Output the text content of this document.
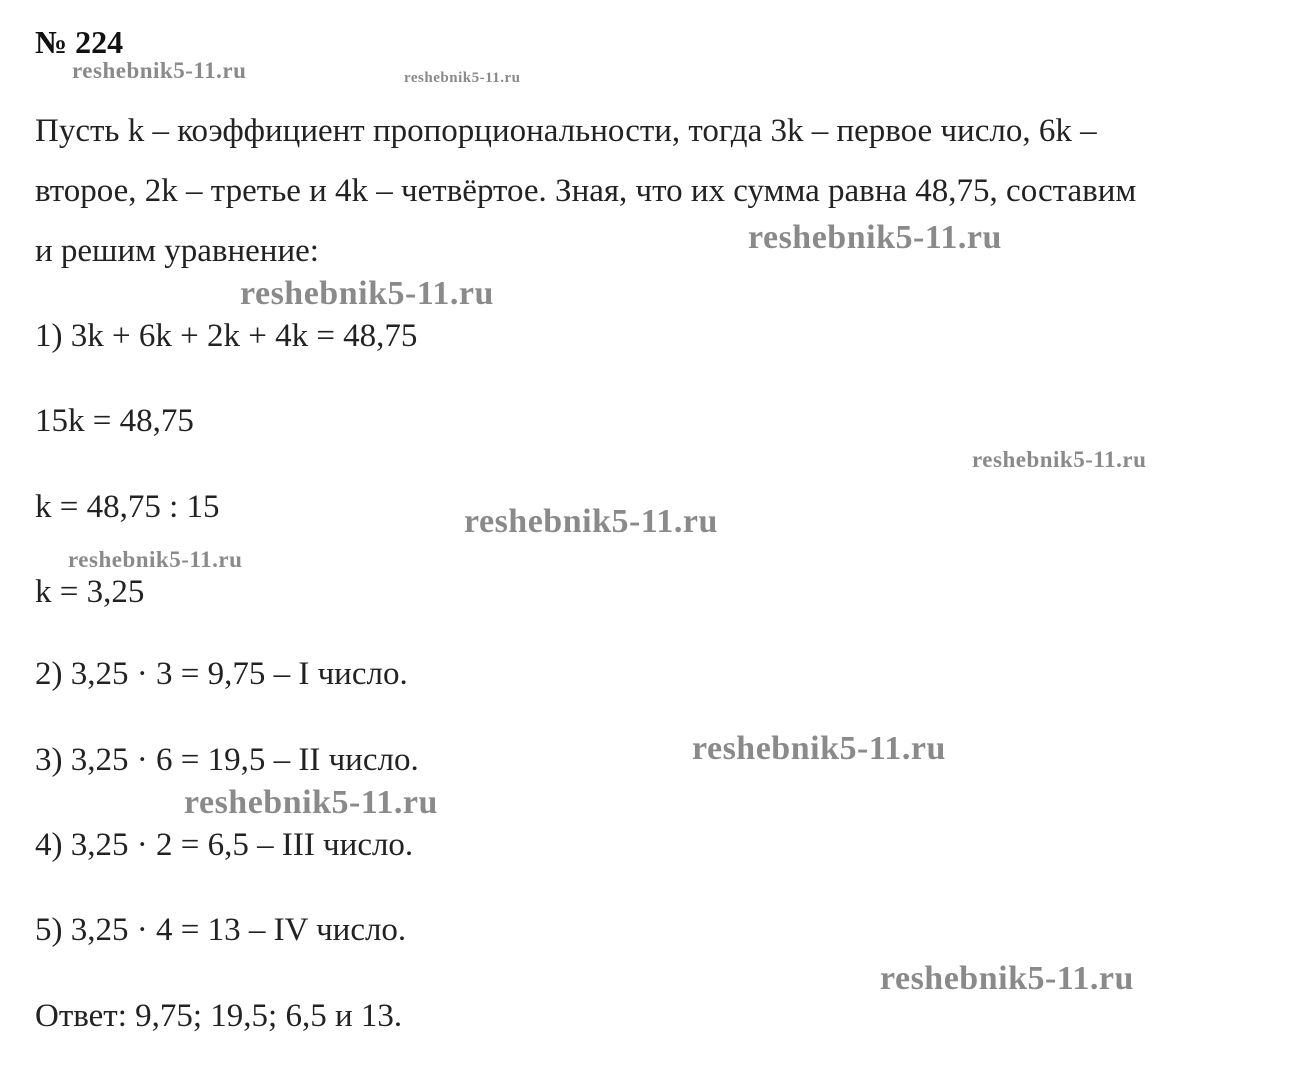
№ 224
Пусть k – коэффициент пропорциональности, тогда 3k – первое число, 6k –
второе, 2k – третье и 4k – четвёртое. Зная, что их сумма равна 48,75, составим
и решим уравнение:
1) 3k + 6k + 2k + 4k = 48,75
15k = 48,75
k = 48,75 : 15
k = 3,25
2) 3,25 · 3 = 9,75 – I число.
3) 3,25 · 6 = 19,5 – II число.
4) 3,25 · 2 = 6,5 – III число.
5) 3,25 · 4 = 13 – IV число.
Ответ: 9,75; 19,5; 6,5 и 13.
reshebnik5-11.ru	reshebnik5-11.ru
reshebnik5-11.ru
reshebnik5-11.ru
reshebnik5-11.ru
reshebnik5-11.ru
reshebnik5-11.ru
reshebnik5-11.ru
reshebnik5-11.ru
reshebnik5-11.ru
